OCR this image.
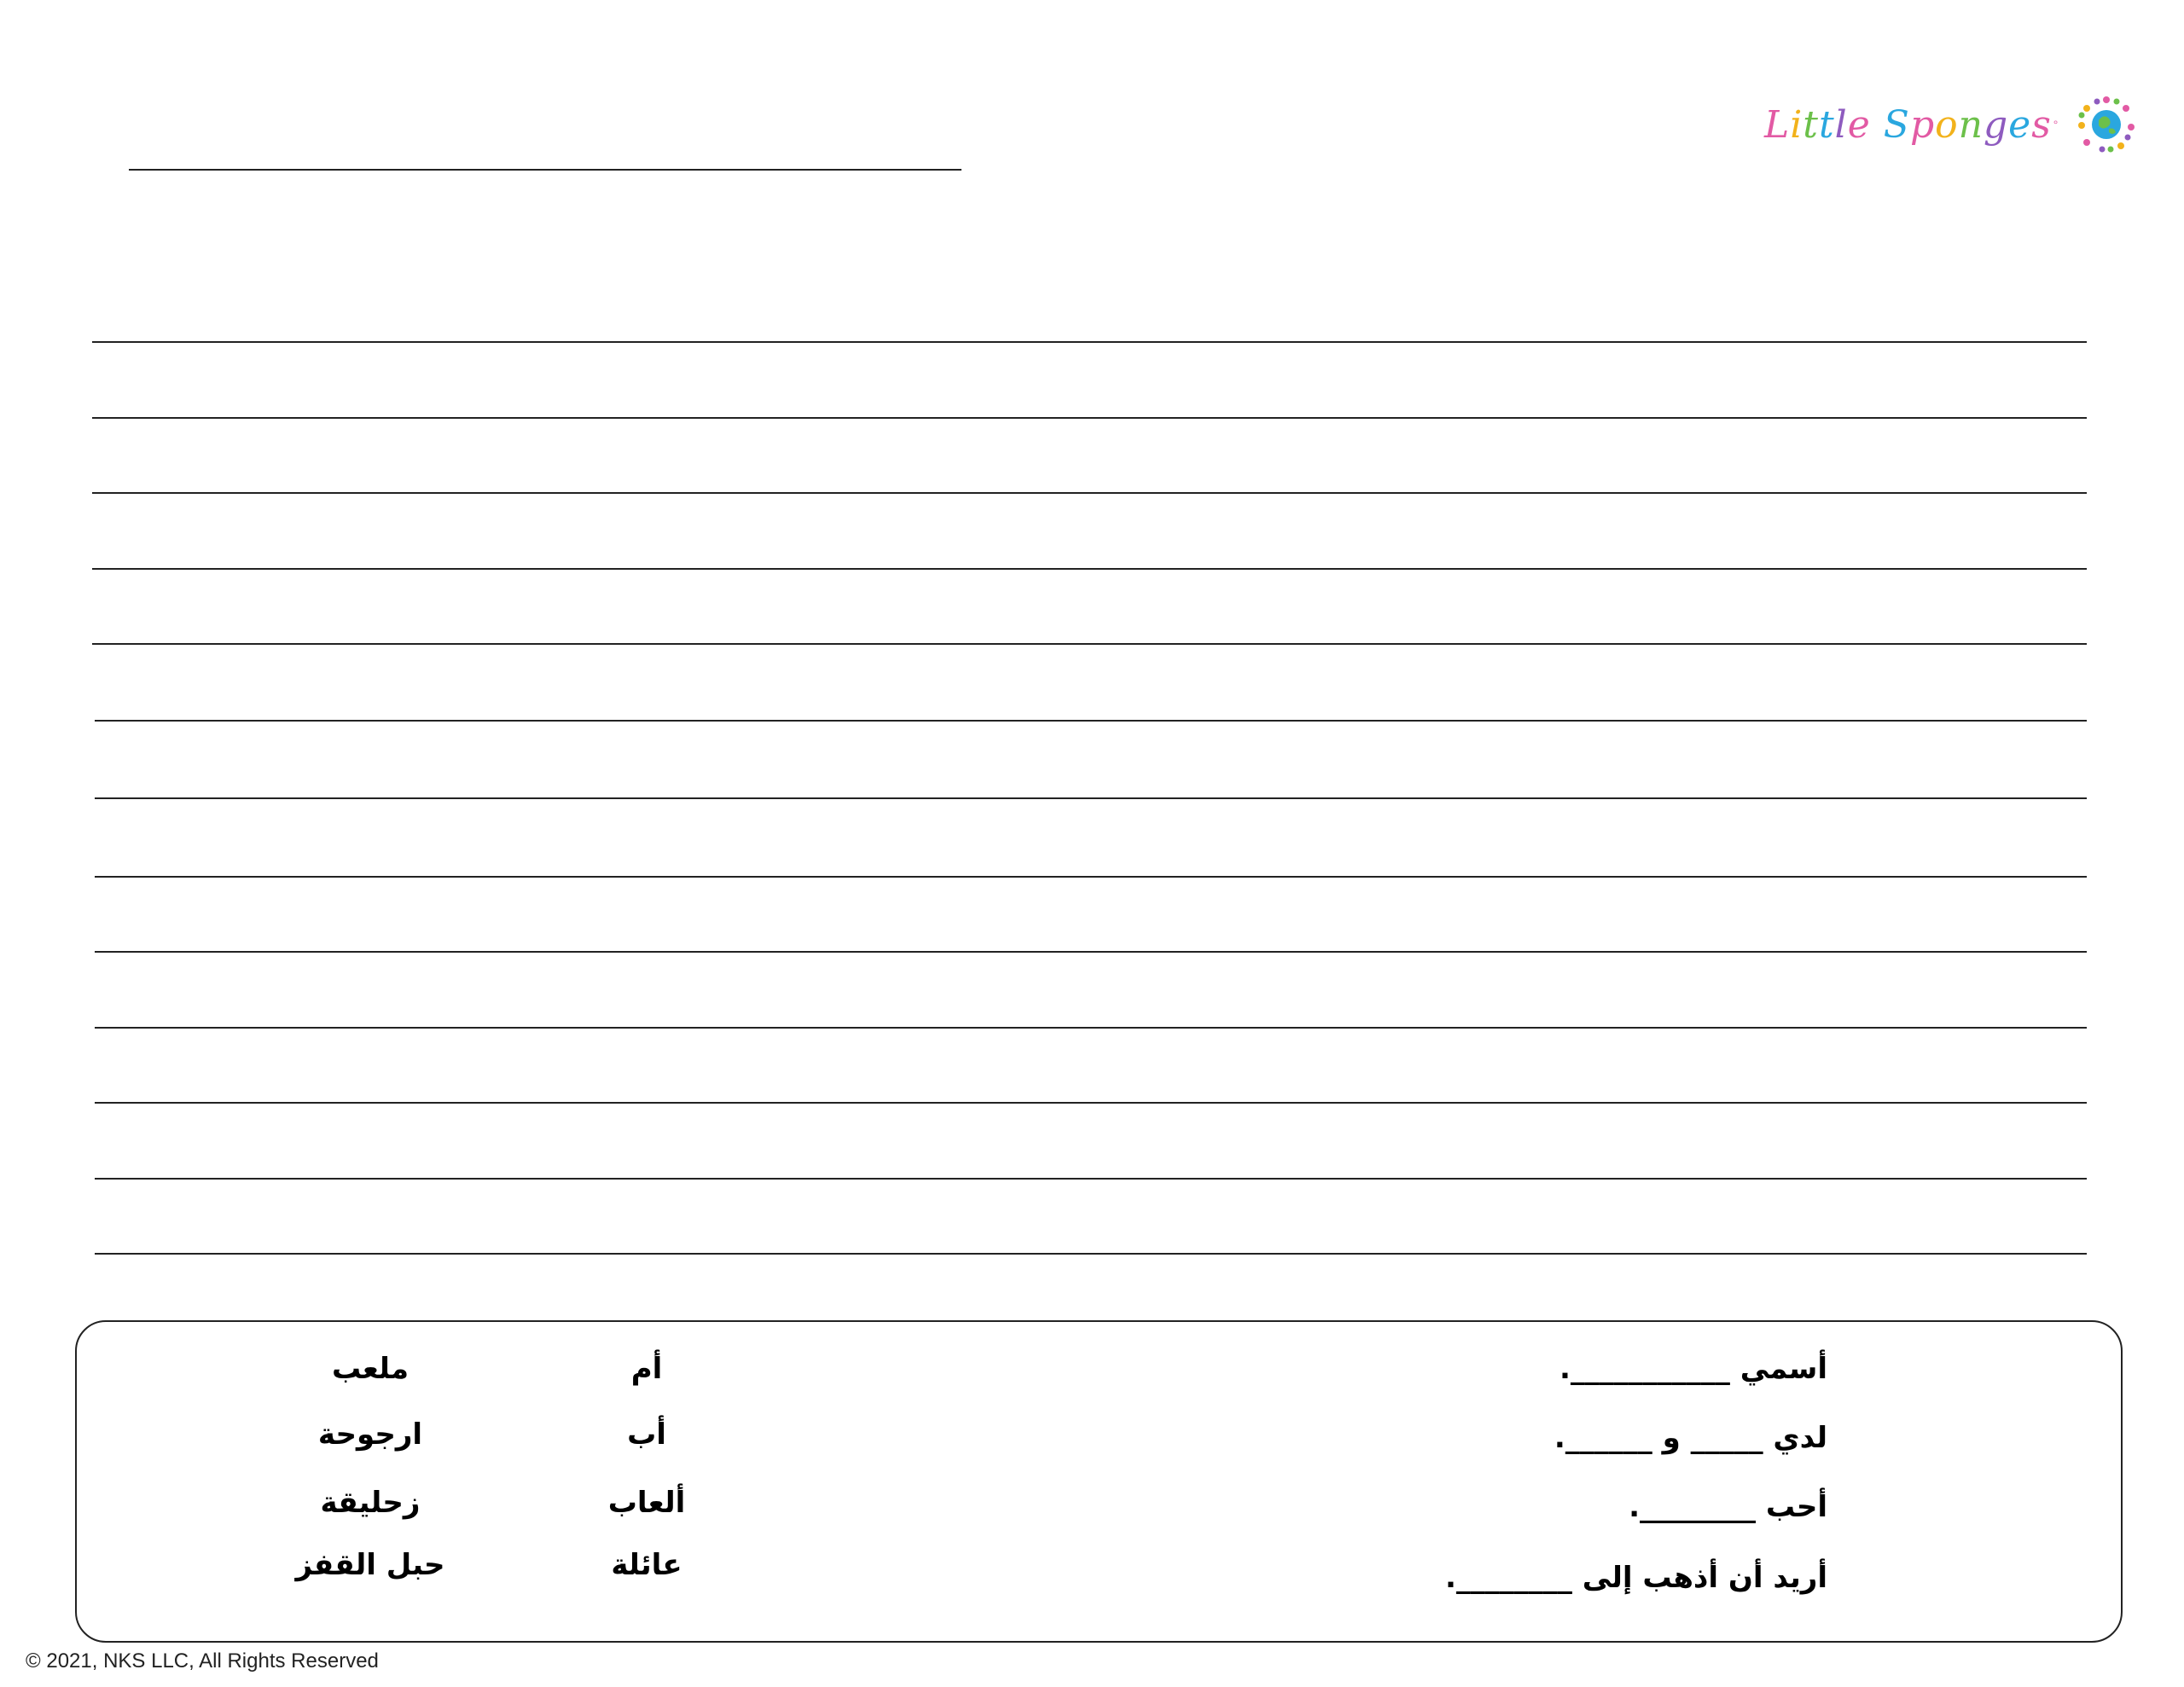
Little Sponges °
أسمي ___________.
لدي _____ و ______.
أحب ________.
أريد أن أذهب إلى ________.
أم
أب
ألعاب
عائلة
ملعب
ارجوحة
زحليقة
حبل القفز
© 2021, NKS LLC, All Rights Reserved
